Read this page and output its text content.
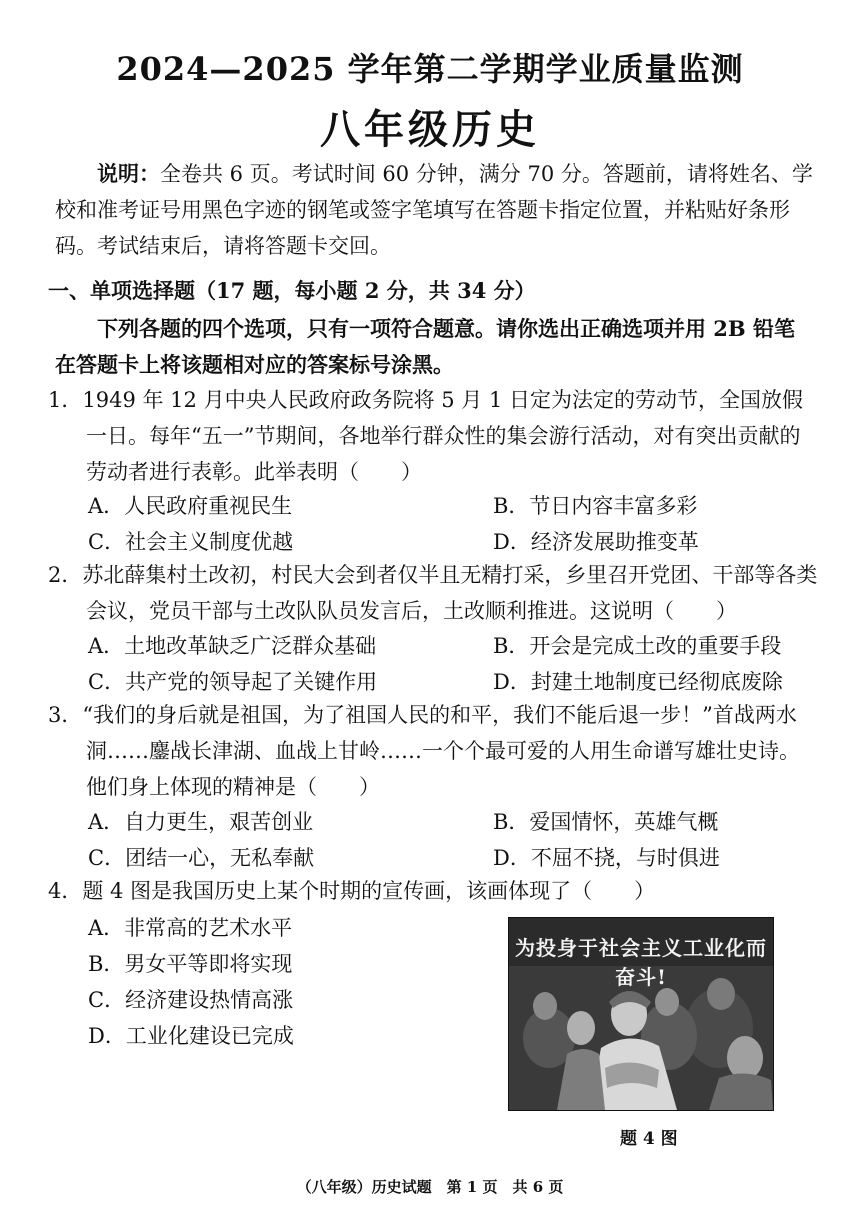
2024—2025 学年第二学期学业质量监测
八年级历史
说明：全卷共 6 页。考试时间 60 分钟，满分 70 分。答题前，请将姓名、学校和准考证号用黑色字迹的钢笔或签字笔填写在答题卡指定位置，并粘贴好条形码。考试结束后，请将答题卡交回。
一、单项选择题（17 题，每小题 2 分，共 34 分）
下列各题的四个选项，只有一项符合题意。请你选出正确选项并用 2B 铅笔在答题卡上将该题相对应的答案标号涂黑。
1．1949 年 12 月中央人民政府政务院将 5 月 1 日定为法定的劳动节，全国放假一日。每年“五一”节期间，各地举行群众性的集会游行活动，对有突出贡献的劳动者进行表彰。此举表明（　　）
A．人民政府重视民生	B．节日内容丰富多彩
C．社会主义制度优越	D．经济发展助推变革
2．苏北薛集村土改初，村民大会到者仅半且无精打采，乡里召开党团、干部等各类会议，党员干部与土改队队员发言后，土改顺利推进。这说明（　　）
A．土地改革缺乏广泛群众基础	B．开会是完成土改的重要手段
C．共产党的领导起了关键作用	D．封建土地制度已经彻底废除
3．“我们的身后就是祖国，为了祖国人民的和平，我们不能后退一步！”首战两水洞……鏖战长津湖、血战上甘岭……一个个最可爱的人用生命谱写雄壮史诗。他们身上体现的精神是（　　）
A．自力更生，艰苦创业	B．爱国情怀，英雄气概
C．团结一心，无私奉献	D．不屈不挠，与时俱进
4．题 4 图是我国历史上某个时期的宣传画，该画体现了（　　）
A．非常高的艺术水平
B．男女平等即将实现
C．经济建设热情高涨
D．工业化建设已完成
为投身于社会主义工业化而奋斗!
题 4 图
（八年级）历史试题　第 1 页　共 6 页
